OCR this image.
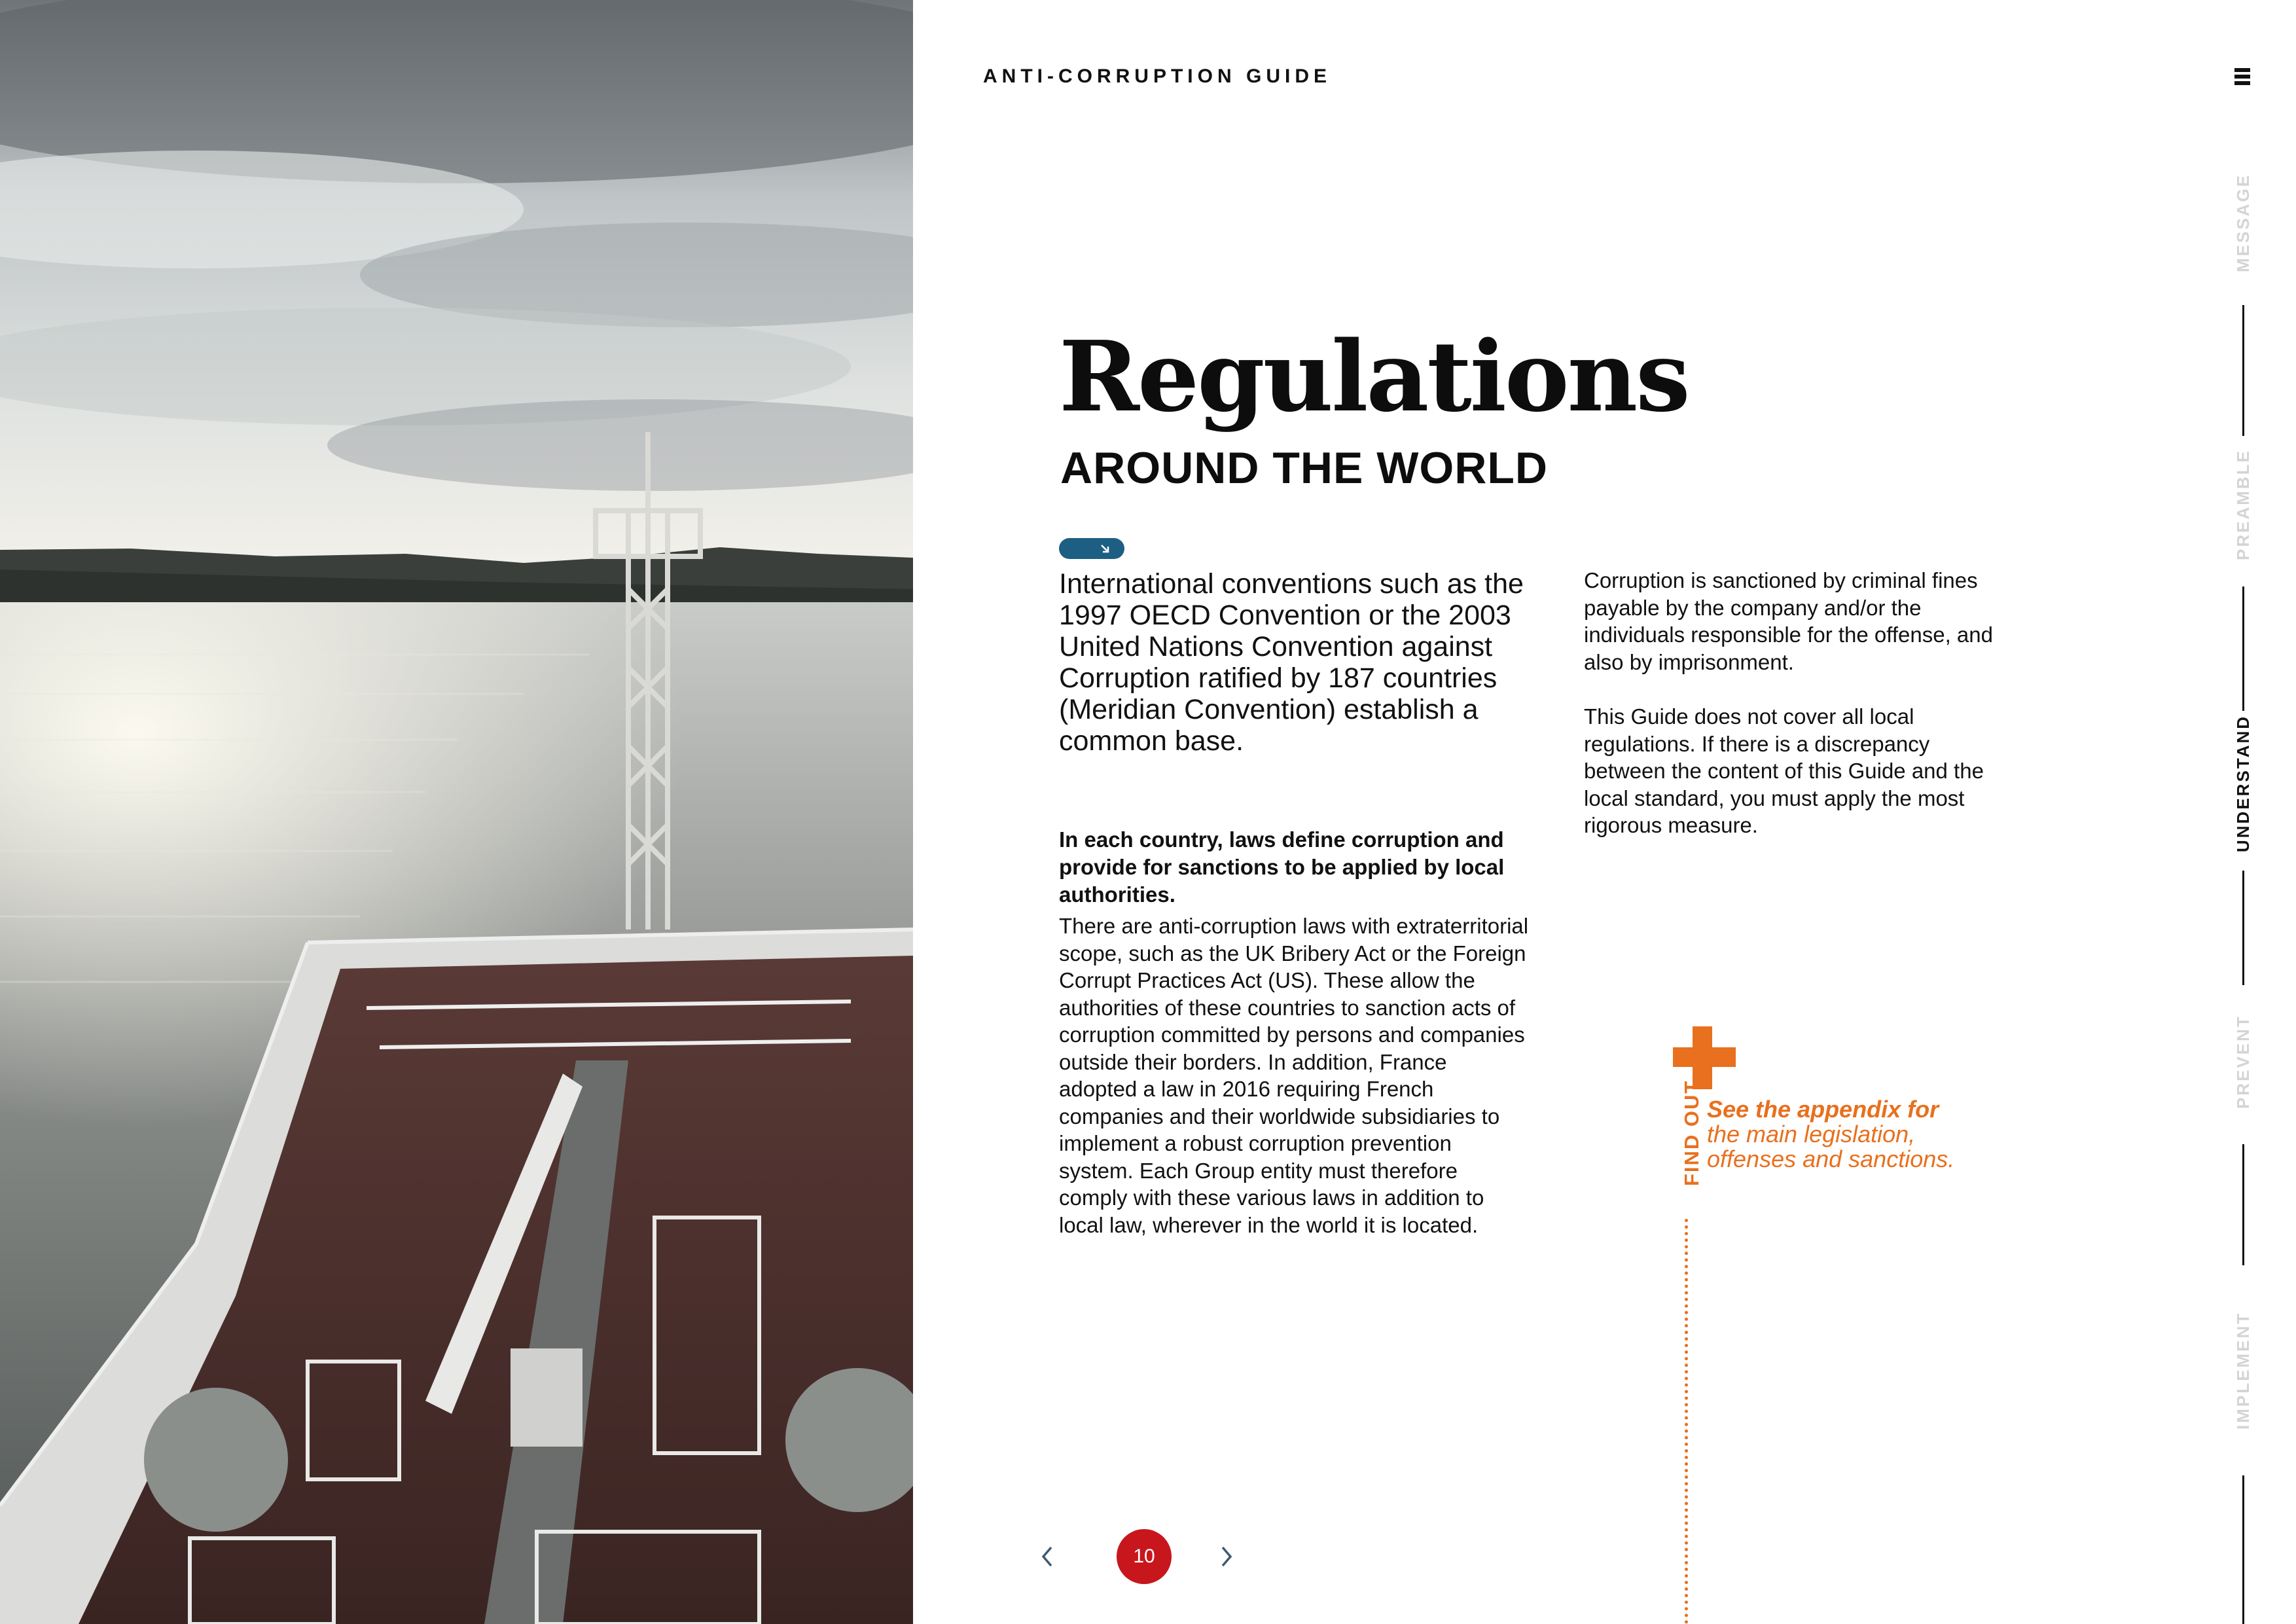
ANTI-CORRUPTION GUIDE
Regulations
AROUND THE WORLD
International conventions such as the 1997 OECD Convention or the 2003 United Nations Convention against Corruption ratified by 187 countries (Meridian Convention) establish a common base.
In each country, laws define corruption and provide for sanctions to be applied by local authorities.
There are anti-corruption laws with extraterritorial scope, such as the UK Bribery Act or the Foreign Corrupt Practices Act (US). These allow the authorities of these countries to sanction acts of corruption committed by persons and companies outside their borders. In addition, France adopted a law in 2016 requiring French companies and their worldwide subsidiaries to implement a robust corruption prevention system. Each Group entity must therefore comply with these various laws in addition to local law, wherever in the world it is located.

Corruption is sanctioned by criminal fines payable by the company and/or the individuals responsible for the offense, and also by imprisonment.

This Guide does not cover all local regulations. If there is a discrepancy between the content of this Guide and the local standard, you must apply the most rigorous measure.

FIND OUT See the appendix for
the main legislation, offenses and sanctions.
10
MESSAGE
PREAMBLE
UNDERSTAND
PREVENT
IMPLEMENT
